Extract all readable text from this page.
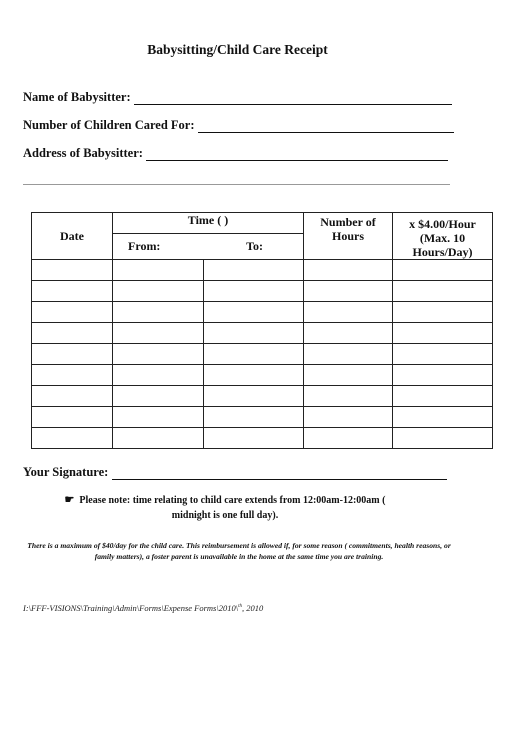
Babysitting/Child Care Receipt
Name of Babysitter:
Number of Children Cared For:
Address of Babysitter:
Date	Time ( )		Number of Hours	x $4.00/Hour (Max. 10 Hours/Day)

	From: To:			

Your Signature:
☛ Please note: time relating to child care extends from 12:00am-12:00am (
midnight is one full day).
There is a maximum of $40/day for the child care. This reimbursement is allowed if, for some reason ( commitments, health reasons, or family matters), a foster parent is unavailable in the home at the same time you are training.
I:\FFF-VISIONS\Training\Admin\Forms\Expense Forms\2010\$^{th}$, 2010
